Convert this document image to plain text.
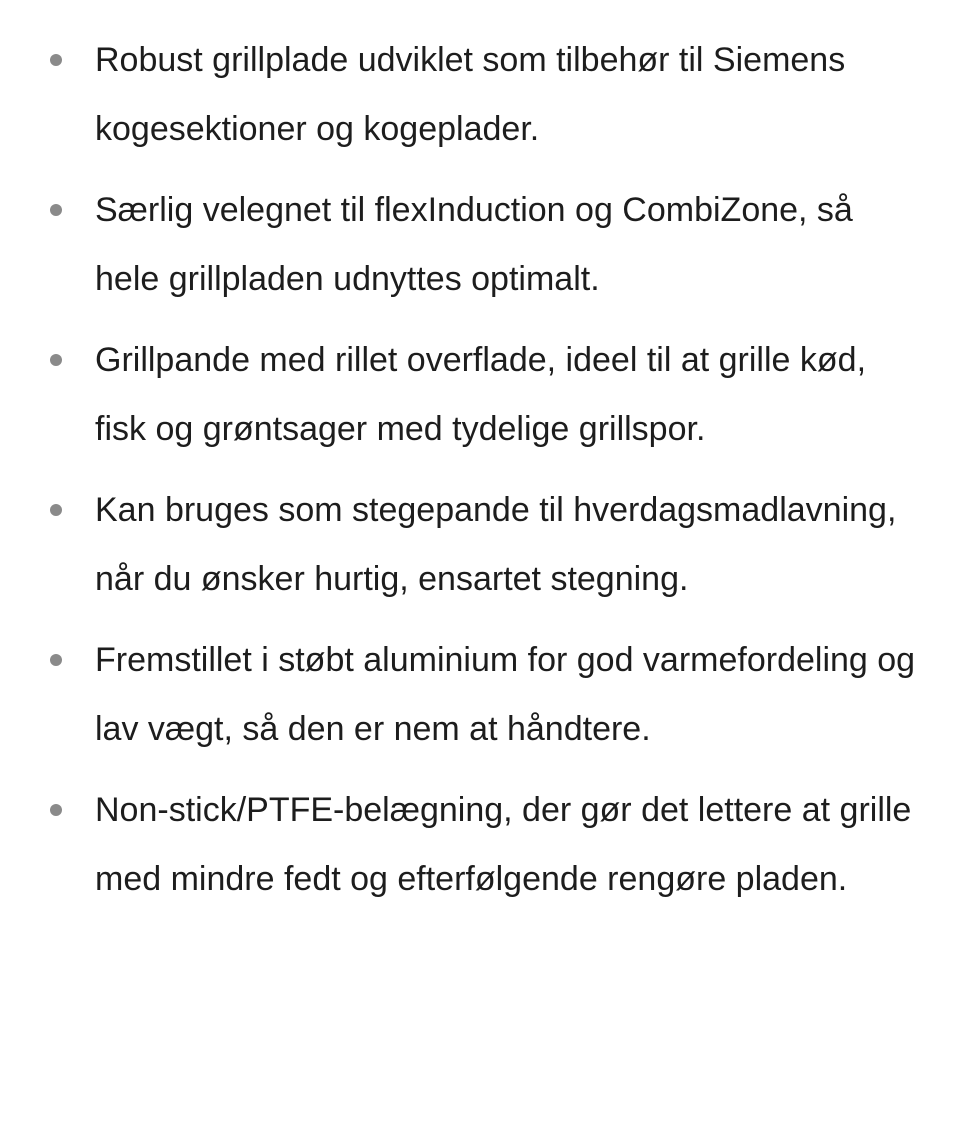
Robust grillplade udviklet som tilbehør til Siemens kogesektioner og kogeplader.
Særlig velegnet til flexInduction og CombiZone, så hele grillpladen udnyttes optimalt.
Grillpande med rillet overflade, ideel til at grille kød, fisk og grøntsager med tydelige grillspor.
Kan bruges som stegepande til hverdagsmadlavning, når du ønsker hurtig, ensartet stegning.
Fremstillet i støbt aluminium for god varmefordeling og lav vægt, så den er nem at håndtere.
Non-stick/PTFE-belægning, der gør det lettere at grille med mindre fedt og efterfølgende rengøre pladen.
